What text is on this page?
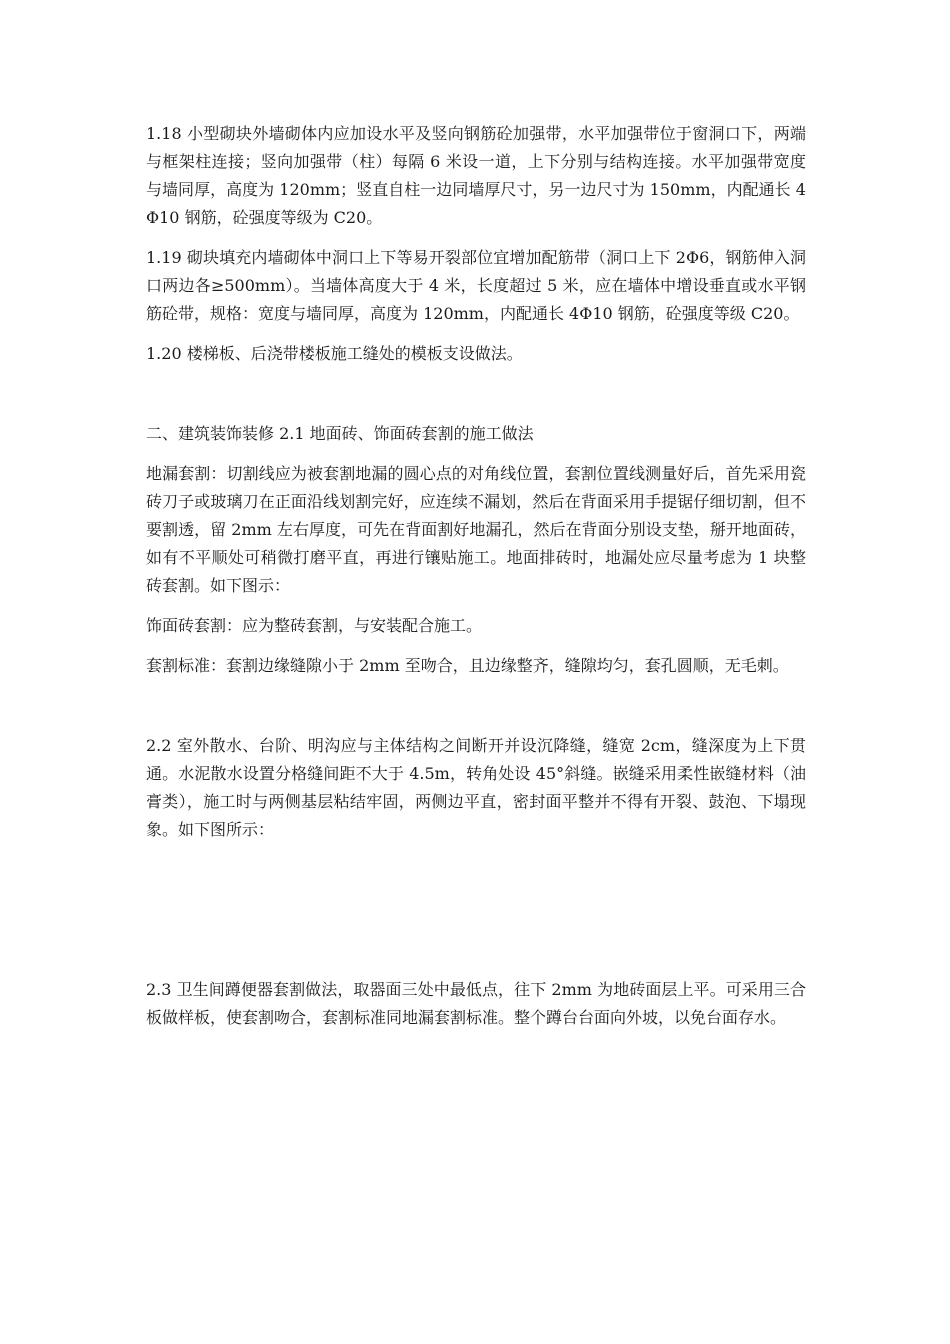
1.18 小型砌块外墙砌体内应加设水平及竖向钢筋砼加强带，水平加强带位于窗洞口下，两端与框架柱连接；竖向加强带（柱）每隔 6 米设一道，上下分别与结构连接。水平加强带宽度与墙同厚，高度为 120mm；竖直自柱一边同墙厚尺寸，另一边尺寸为 150mm，内配通长 4Φ10 钢筋，砼强度等级为 C20。

1.19 砌块填充内墙砌体中洞口上下等易开裂部位宜增加配筋带（洞口上下 2Φ6，钢筋伸入洞口两边各≥500mm）。当墙体高度大于 4 米，长度超过 5 米，应在墙体中增设垂直或水平钢筋砼带，规格：宽度与墙同厚，高度为 120mm，内配通长 4Φ10 钢筋，砼强度等级 C20。

1.20 楼梯板、后浇带楼板施工缝处的模板支设做法。

二、建筑装饰装修 2.1 地面砖、饰面砖套割的施工做法

地漏套割：切割线应为被套割地漏的圆心点的对角线位置，套割位置线测量好后，首先采用瓷砖刀子或玻璃刀在正面沿线划割完好，应连续不漏划，然后在背面采用手提锯仔细切割，但不要割透，留 2mm 左右厚度，可先在背面割好地漏孔，然后在背面分别设支垫，掰开地面砖，如有不平顺处可稍微打磨平直，再进行镶贴施工。地面排砖时，地漏处应尽量考虑为 1 块整砖套割。如下图示：

饰面砖套割：应为整砖套割，与安装配合施工。

套割标准：套割边缘缝隙小于 2mm 至吻合，且边缘整齐，缝隙均匀，套孔圆顺，无毛刺。

2.2 室外散水、台阶、明沟应与主体结构之间断开并设沉降缝，缝宽 2cm，缝深度为上下贯通。水泥散水设置分格缝间距不大于 4.5m，转角处设 45°斜缝。嵌缝采用柔性嵌缝材料（油膏类），施工时与两侧基层粘结牢固，两侧边平直，密封面平整并不得有开裂、鼓泡、下塌现象。如下图所示：

2.3 卫生间蹲便器套割做法，取器面三处中最低点，往下 2mm 为地砖面层上平。可采用三合板做样板，使套割吻合，套割标准同地漏套割标准。整个蹲台台面向外坡，以免台面存水。
